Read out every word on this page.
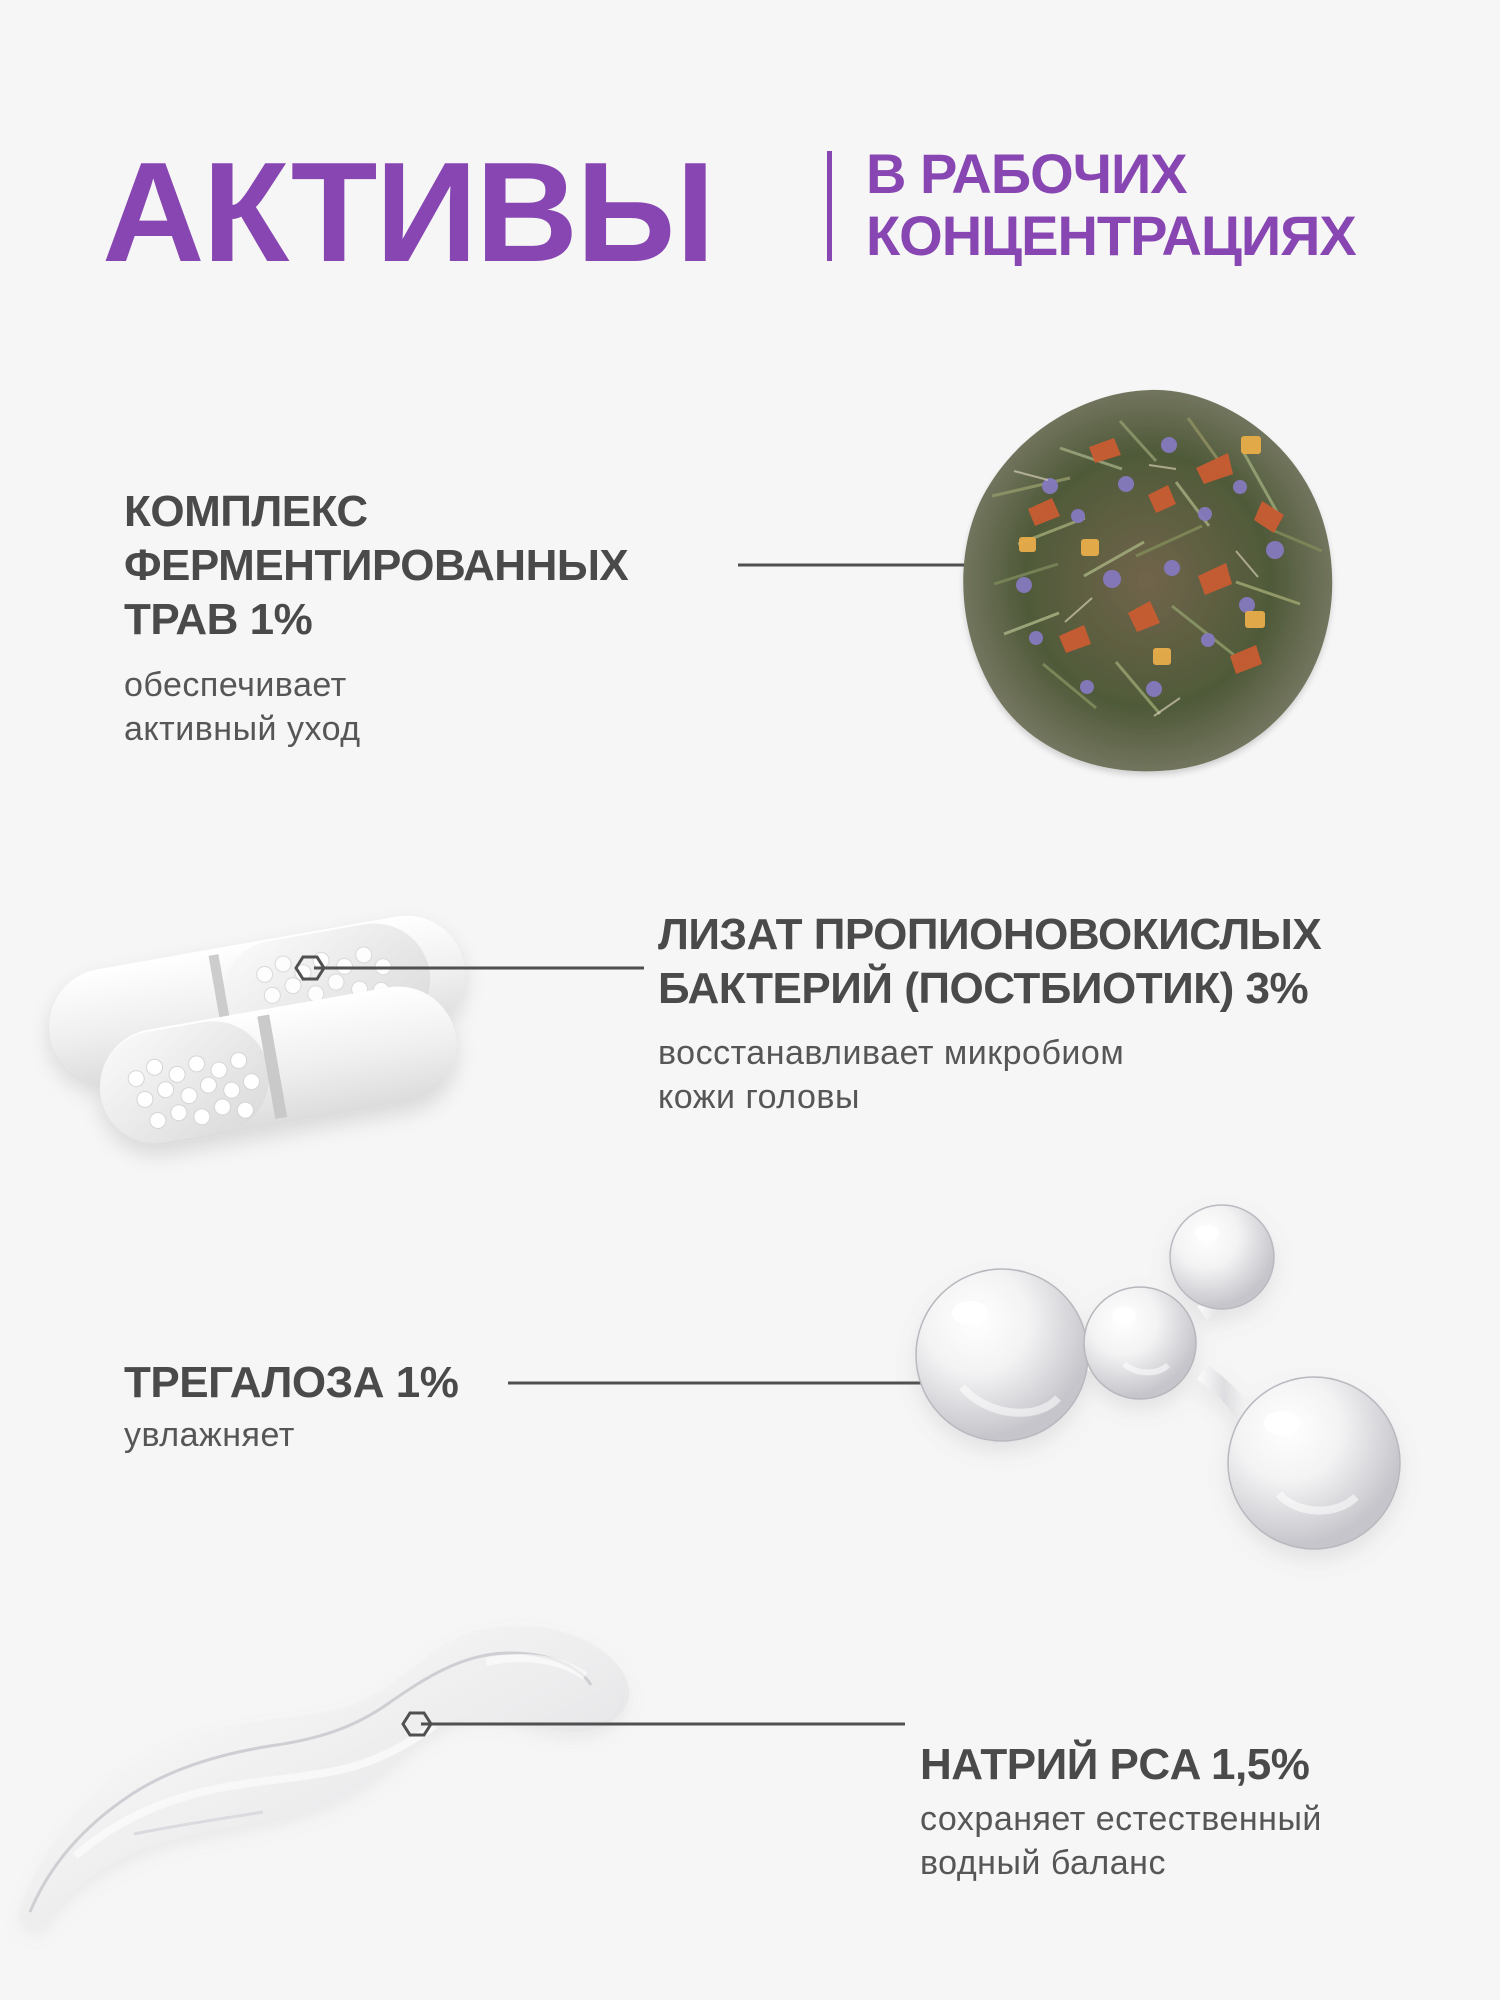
АКТИВЫ	В РАБОЧИХ
КОНЦЕНТРАЦИЯХ
КОМПЛЕКС
ФЕРМЕНТИРОВАННЫХ
ТРАВ 1%
обеспечивает
активный уход
ЛИЗАТ ПРОПИОНОВОКИСЛЫХ
БАКТЕРИЙ (ПОСТБИОТИК) 3%
восстанавливает микробиом
кожи головы
ТРЕГАЛОЗА 1%
увлажняет
НАТРИЙ PCA 1,5%
сохраняет естественный
водный баланс
